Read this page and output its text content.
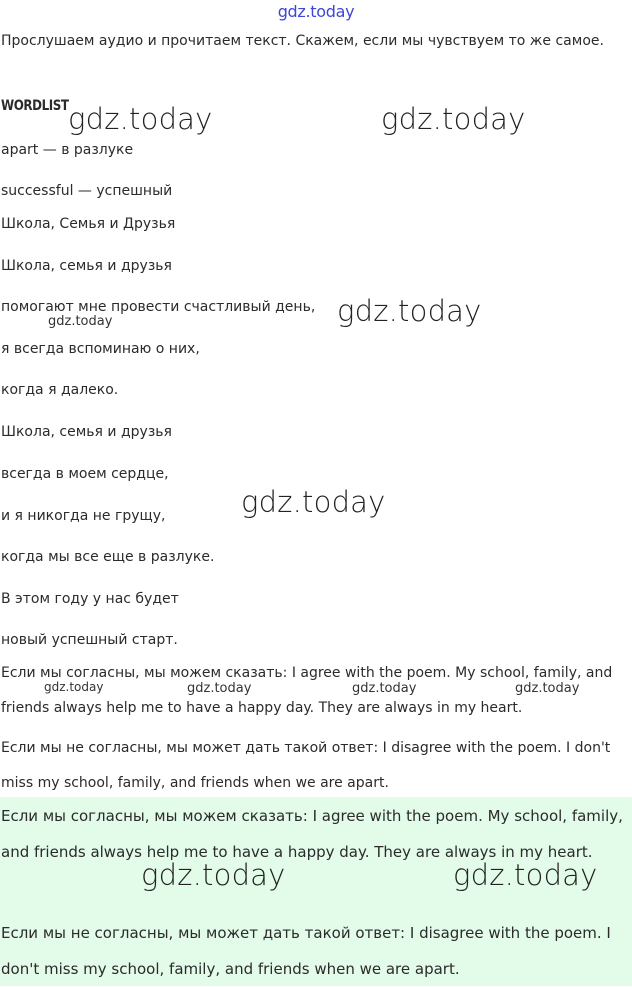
gdz.today
Прослушаем аудио и прочитаем текст. Скажем, если мы чувствуем то же самое.
WORDLIST
apart — в разлуке
successful — успешный
Школа, Семья и Друзья
Школа, семья и друзья
помогают мне провести счастливый день,
я всегда вспоминаю о них,
когда я далеко.
Школа, семья и друзья
всегда в моем сердце,
и я никогда не грущу,
когда мы все еще в разлуке.
В этом году у нас будет
новый успешный старт.
Если мы согласны, мы можем сказать: I agree with the poem. My school, family, and friends always help me to have a happy day. They are always in my heart.
Если мы не согласны, мы может дать такой ответ: I disagree with the poem. I don't miss my school, family, and friends when we are apart.
Если мы согласны, мы можем сказать: I agree with the poem. My school, family, and friends always help me to have a happy day. They are always in my heart.
Если мы не согласны, мы может дать такой ответ: I disagree with the poem. I don't miss my school, family, and friends when we are apart.
gdz.today	gdz.today
gdz.today
gdz.today
gdz.today	gdz.today
gdz.today
gdz.today	gdz.today	gdz.today	gdz.today
